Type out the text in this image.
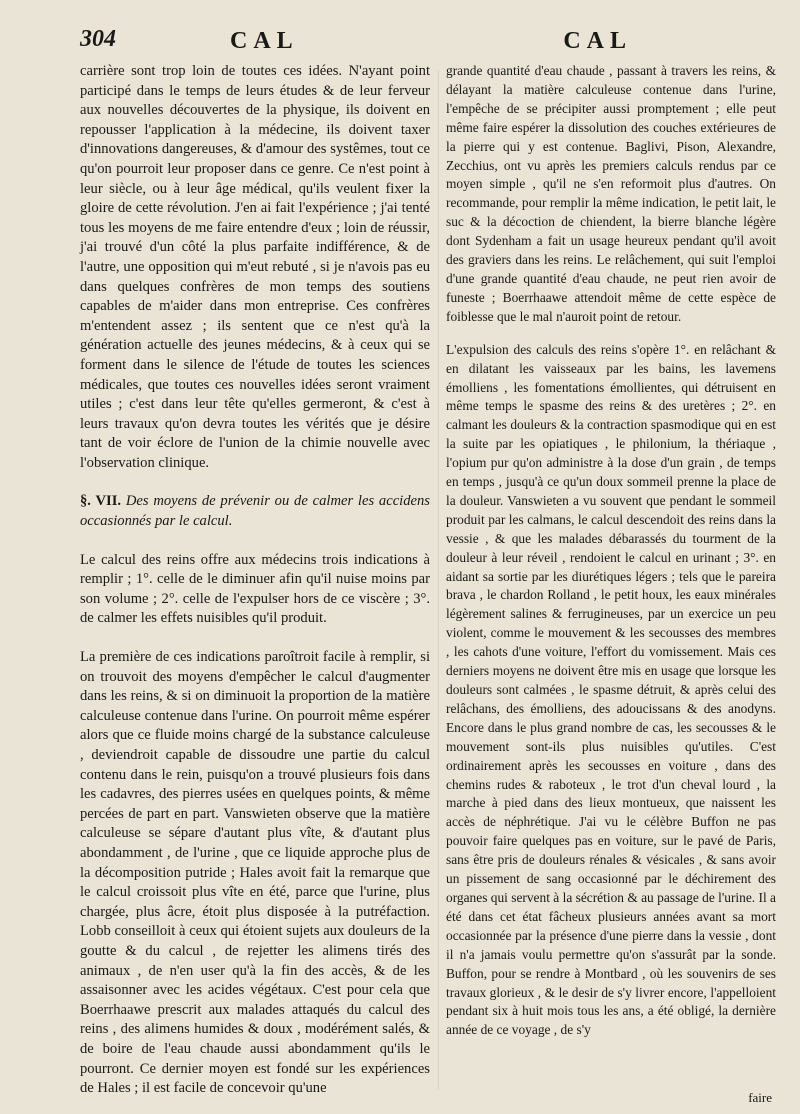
304	CAL	CAL

carrière sont trop loin de toutes ces idées. N'ayant point participé dans le temps de leurs études & de leur ferveur aux nouvelles découvertes de la physique, ils doivent en repousser l'application à la médecine, ils doivent taxer d'innovations dangereuses, & d'amour des systêmes, tout ce qu'on pourroit leur proposer dans ce genre. Ce n'est point à leur siècle, ou à leur âge médical, qu'ils veulent fixer la gloire de cette révolution. J'en ai fait l'expérience ; j'ai tenté tous les moyens de me faire entendre d'eux ; loin de réussir, j'ai trouvé d'un côté la plus parfaite indifférence, & de l'autre, une opposition qui m'eut rebuté , si je n'avois pas eu dans quelques confrères de mon temps des soutiens capables de m'aider dans mon entreprise. Ces confrères m'entendent assez ; ils sentent que ce n'est qu'à la génération actuelle des jeunes médecins, & à ceux qui se forment dans le silence de l'étude de toutes les sciences médicales, que toutes ces nouvelles idées seront vraiment utiles ; c'est dans leur tête qu'elles germeront, & c'est à leurs travaux qu'on devra toutes les vérités que je désire tant de voir éclore de l'union de la chimie nouvelle avec l'observation clinique.

§. VII. Des moyens de prévenir ou de calmer les accidens occasionnés par le calcul.

Le calcul des reins offre aux médecins trois indications à remplir ; 1°. celle de le diminuer afin qu'il nuise moins par son volume ; 2°. celle de l'expulser hors de ce viscère ; 3°. de calmer les effets nuisibles qu'il produit.

La première de ces indications paroîtroit facile à remplir, si on trouvoit des moyens d'empêcher le calcul d'augmenter dans les reins, & si on diminuoit la proportion de la matière calculeuse contenue dans l'urine. On pourroit même espérer alors que ce fluide moins chargé de la substance calculeuse , deviendroit capable de dissoudre une partie du calcul contenu dans le rein, puisqu'on a trouvé plusieurs fois dans les cadavres, des pierres usées en quelques points, & même percées de part en part. Vanswieten observe que la matière calculeuse se sépare d'autant plus vîte, & d'autant plus abondamment , de l'urine , que ce liquide approche plus de la décomposition putride ; Hales avoit fait la remarque que le calcul croissoit plus vîte en été, parce que l'urine, plus chargée, plus âcre, étoit plus disposée à la putréfaction. Lobb conseilloit à ceux qui étoient sujets aux douleurs de la goutte & du calcul , de rejetter les alimens tirés des animaux , de n'en user qu'à la fin des accès, & de les assaisonner avec les acides végétaux. C'est pour cela que Boerrhaawe prescrit aux malades attaqués du calcul des reins , des alimens humides & doux , modérément salés, & de boire de l'eau chaude aussi abondamment qu'ils le pourront. Ce dernier moyen est fondé sur les expériences de Hales ; il est facile de concevoir qu'une

grande quantité d'eau chaude , passant à travers les reins, & délayant la matière calculeuse contenue dans l'urine, l'empêche de se précipiter aussi promptement ; elle peut même faire espérer la dissolution des couches extérieures de la pierre qui y est contenue. Baglivi, Pison, Alexandre, Zecchius, ont vu après les premiers calculs rendus par ce moyen simple , qu'il ne s'en reformoit plus d'autres. On recommande, pour remplir la même indication, le petit lait, le suc & la décoction de chiendent, la bierre blanche légère dont Sydenham a fait un usage heureux pendant qu'il avoit des graviers dans les reins. Le relâchement, qui suit l'emploi d'une grande quantité d'eau chaude, ne peut rien avoir de funeste ; Boerrhaawe attendoit même de cette espèce de foiblesse que le mal n'auroit point de retour.

L'expulsion des calculs des reins s'opère 1°. en relâchant & en dilatant les vaisseaux par les bains, les lavemens émolliens , les fomentations émollientes, qui détruisent en même temps le spasme des reins & des uretères ; 2°. en calmant les douleurs & la contraction spasmodique qui en est la suite par les opiatiques , le philonium, la thériaque , l'opium pur qu'on administre à la dose d'un grain , de temps en temps , jusqu'à ce qu'un doux sommeil prenne la place de la douleur. Vanswieten a vu souvent que pendant le sommeil produit par les calmans, le calcul descendoit des reins dans la vessie , & que les malades débarassés du tourment de la douleur à leur réveil , rendoient le calcul en urinant ; 3°. en aidant sa sortie par les diurétiques légers ; tels que le pareira brava , le chardon Rolland , le petit houx, les eaux minérales légèrement salines & ferrugineuses, par un exercice un peu violent, comme le mouvement & les secousses des membres , les cahots d'une voiture, l'effort du vomissement. Mais ces derniers moyens ne doivent être mis en usage que lorsque les douleurs sont calmées , le spasme détruit, & après celui des relâchans, des émolliens, des adoucissans & des anodyns. Encore dans le plus grand nombre de cas, les secousses & le mouvement sont-ils plus nuisibles qu'utiles. C'est ordinairement après les secousses en voiture , dans des chemins rudes & raboteux , le trot d'un cheval lourd , la marche à pied dans des lieux montueux, que naissent les accès de néphrétique. J'ai vu le célèbre Buffon ne pas pouvoir faire quelques pas en voiture, sur le pavé de Paris, sans être pris de douleurs rénales & vésicales , & sans avoir un pissement de sang occasionné par le déchirement des organes qui servent à la sécrétion & au passage de l'urine. Il a été dans cet état fâcheux plusieurs années avant sa mort occasionnée par la présence d'une pierre dans la vessie , dont il n'a jamais voulu permettre qu'on s'assurât par la sonde. Buffon, pour se rendre à Montbard , où les souvenirs de ses travaux glorieux , & le desir de s'y livrer encore, l'appelloient pendant six à huit mois tous les ans, a été obligé, la dernière année de ce voyage , de s'y

faire
